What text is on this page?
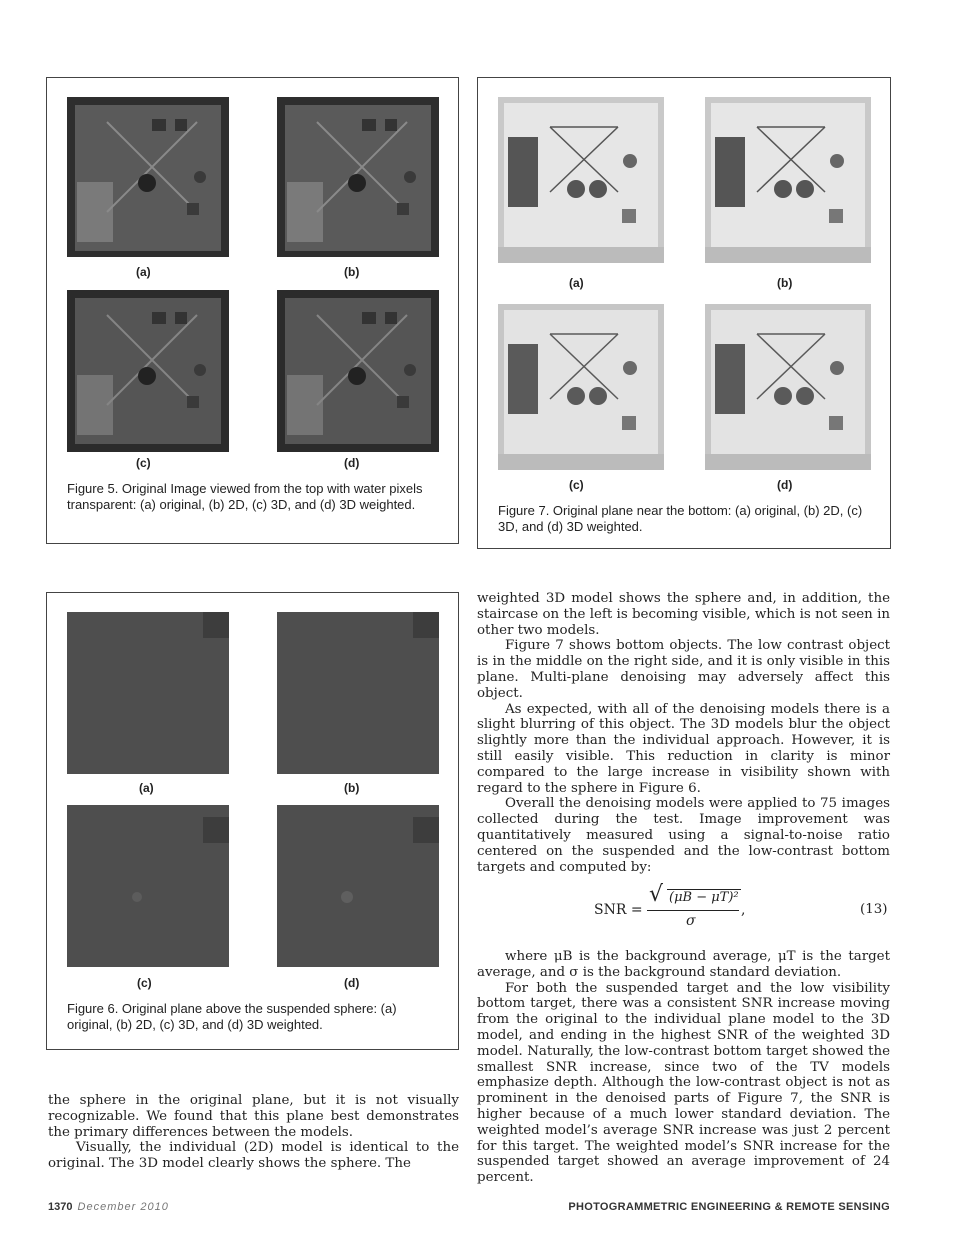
(a)	(b)
(c)	(d)
Figure 5. Original Image viewed from the top with water pixels transparent: (a) original, (b) 2D, (c) 3D, and (d) 3D weighted.
(a)	(b)
(c)	(d)
Figure 7. Original plane near the bottom: (a) original, (b) 2D, (c) 3D, and (d) 3D weighted.
(a)	(b)
(c)	(d)
Figure 6. Original plane above the suspended sphere: (a) original, (b) 2D, (c) 3D, and (d) 3D weighted.

the sphere in the original plane, but it is not visually recognizable. We found that this plane best demonstrates the primary differences between the models.

Visually, the individual (2D) model is identical to the original. The 3D model clearly shows the sphere. The

weighted 3D model shows the sphere and, in addition, the staircase on the left is becoming visible, which is not seen in other two models.

Figure 7 shows bottom objects. The low contrast object is in the middle on the right side, and it is only visible in this plane. Multi-plane denoising may adversely affect this object.

As expected, with all of the denoising models there is a slight blurring of this object. The 3D models blur the object slightly more than the individual approach. However, it is still easily visible. This reduction in clarity is minor compared to the large increase in visibility shown with regard to the sphere in Figure 6.

Overall the denoising models were applied to 75 images collected during the test. Image improvement was quantitatively measured using a signal-to-noise ratio centered on the suspended and the low-contrast bottom targets and computed by:

SNR =
√ (μB − μT)²
σ
,	(13)

where μB is the background average, μT is the target average, and σ is the background standard deviation.

For both the suspended target and the low visibility bottom target, there was a consistent SNR increase moving from the original to the individual plane model to the 3D model, and ending in the highest SNR of the weighted 3D model. Naturally, the low-contrast bottom target showed the smallest SNR increase, since two of the TV models emphasize depth. Although the low-contrast object is not as prominent in the denoised parts of Figure 7, the SNR is higher because of a much lower standard deviation. The weighted model’s average SNR increase was just 2 percent for this target. The weighted model’s SNR increase for the suspended target showed an average improvement of 24 percent.

1370 December 2010	PHOTOGRAMMETRIC ENGINEERING & REMOTE SENSING
